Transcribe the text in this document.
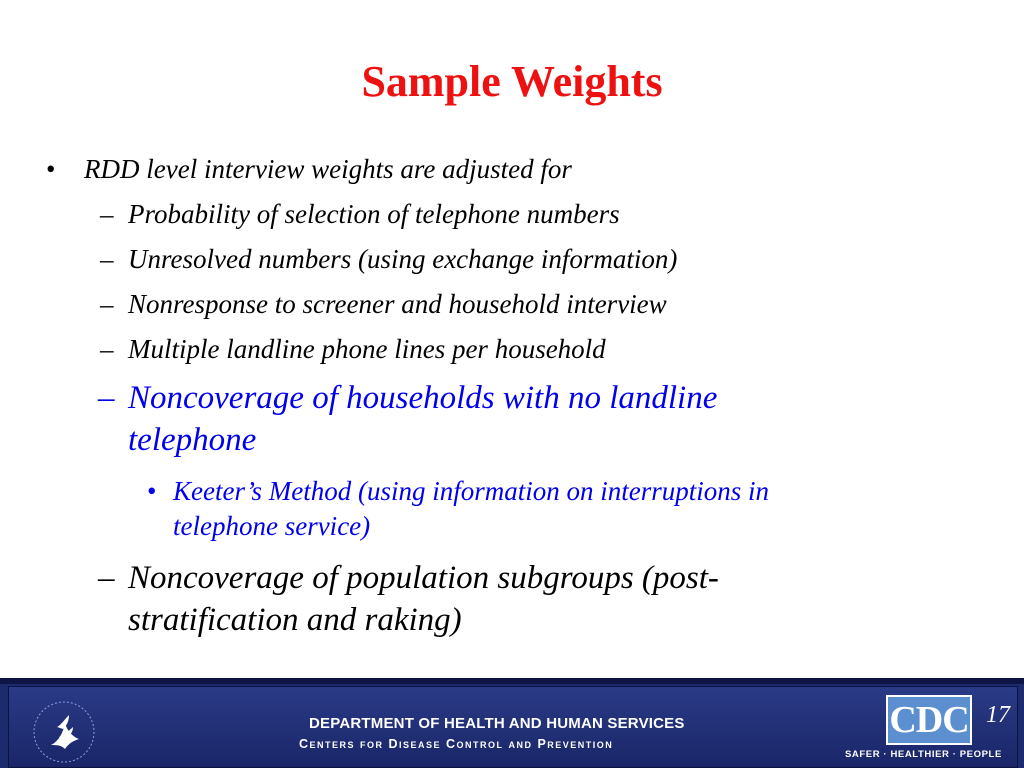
Sample Weights
• RDD level interview weights are adjusted for
– Probability of selection of telephone numbers
– Unresolved numbers (using exchange information)
– Nonresponse to screener and household interview
– Multiple landline phone lines per household
– Noncoverage of households with no landline
telephone
• Keeter’s Method (using information on interruptions in
telephone service)
– Noncoverage of population subgroups (post-
stratification and raking)
DEPARTMENT OF HEALTH AND HUMAN SERVICES
Centers for Disease Control and Prevention
CDC 17
SAFER · HEALTHIER · PEOPLE
